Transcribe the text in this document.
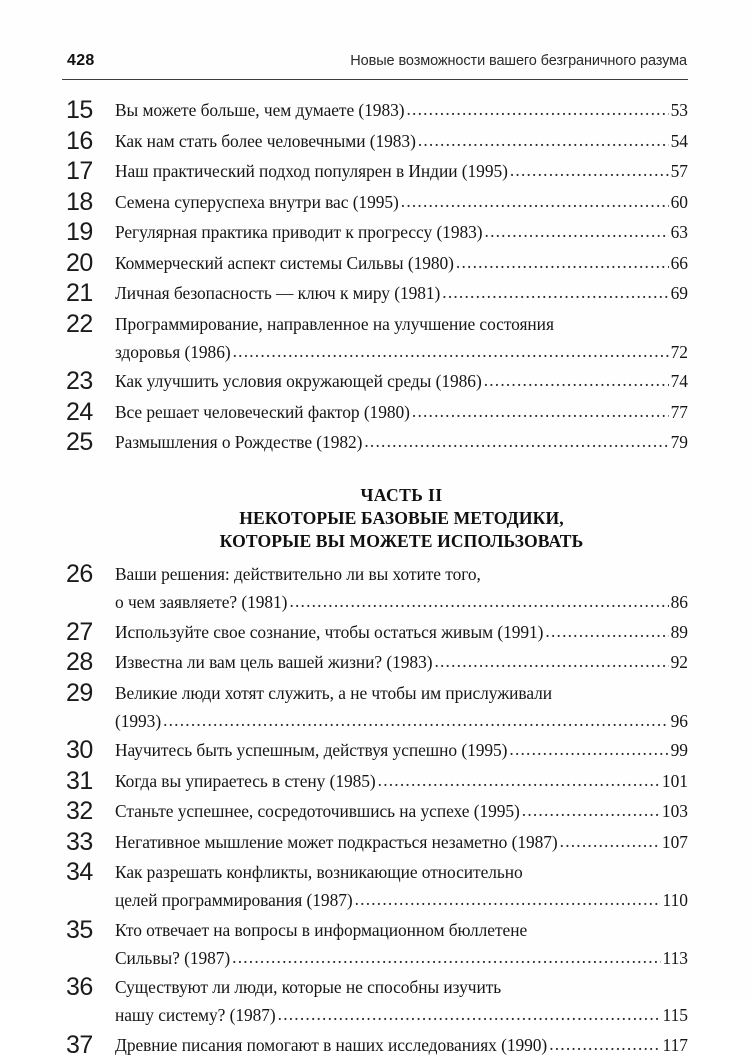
428	Новые возможности вашего безграничного разума
15	Вы можете больше, чем думаете (1983) .....	53
16	Как нам стать более человечными (1983) .....	54
17	Наш практический подход популярен в Индии (1995) .....	57
18	Семена суперуспеха внутри вас (1995) .....	60
19	Регулярная практика приводит к прогрессу (1983) .....	63
20	Коммерческий аспект системы Сильвы (1980) .....	66
21	Личная безопасность — ключ к миру (1981) .....	69
22	Программирование, направленное на улучшение состояния
здоровья (1986) .....	72
23	Как улучшить условия окружающей среды (1986) .....	74
24	Все решает человеческий фактор (1980) .....	77
25	Размышления о Рождестве (1982) .....	79
ЧАСТЬ II
НЕКОТОРЫЕ БАЗОВЫЕ МЕТОДИКИ,
КОТОРЫЕ ВЫ МОЖЕТЕ ИСПОЛЬЗОВАТЬ
26	Ваши решения: действительно ли вы хотите того,
о чем заявляете? (1981) .....	86
27	Используйте свое сознание, чтобы остаться живым (1991) .....	89
28	Известна ли вам цель вашей жизни? (1983) .....	92
29	Великие люди хотят служить, а не чтобы им прислуживали
(1993) .....	96
30	Научитесь быть успешным, действуя успешно (1995) .....	99
31	Когда вы упираетесь в стену (1985) .....	101
32	Станьте успешнее, сосредоточившись на успехе (1995) .....	103
33	Негативное мышление может подкрасться незаметно (1987) .....	107
34	Как разрешать конфликты, возникающие относительно
целей программирования (1987) .....	110
35	Кто отвечает на вопросы в информационном бюллетене
Сильвы? (1987) .....	113
36	Существуют ли люди, которые не способны изучить
нашу систему? (1987) .....	115
37	Древние писания помогают в наших исследованиях (1990) .....	117
